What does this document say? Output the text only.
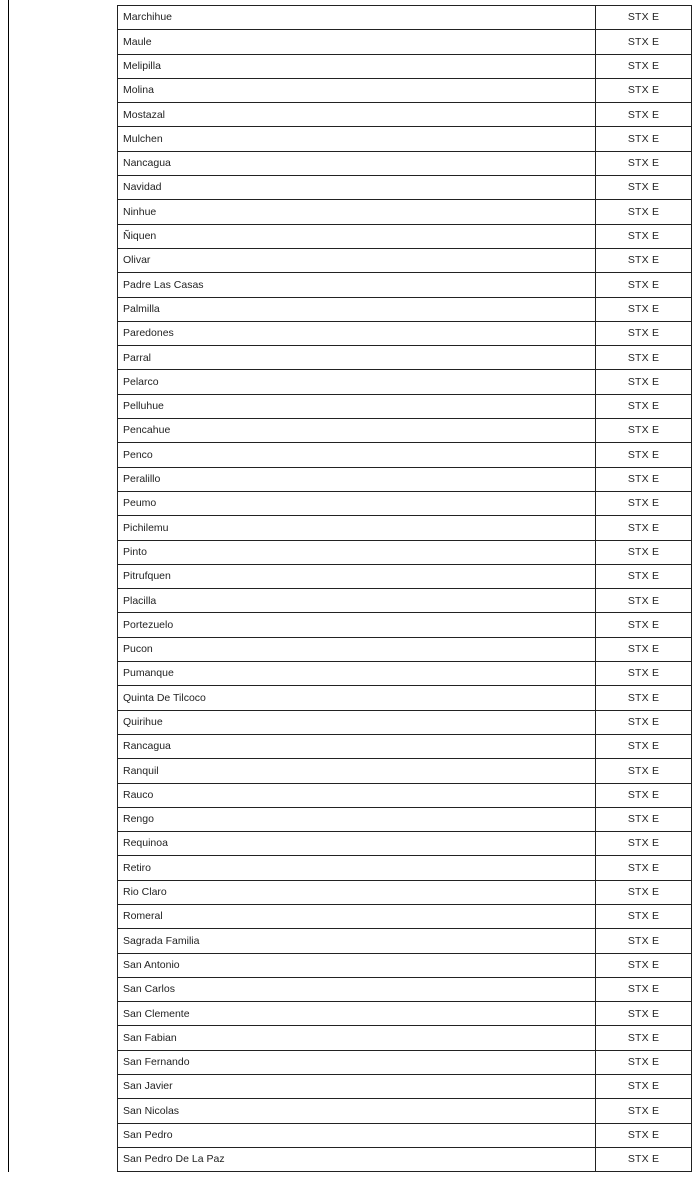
Marchihue	STX E
Maule	STX E
Melipilla	STX E
Molina	STX E
Mostazal	STX E
Mulchen	STX E
Nancagua	STX E
Navidad	STX E
Ninhue	STX E
Ñiquen	STX E
Olivar	STX E
Padre Las Casas	STX E
Palmilla	STX E
Paredones	STX E
Parral	STX E
Pelarco	STX E
Pelluhue	STX E
Pencahue	STX E
Penco	STX E
Peralillo	STX E
Peumo	STX E
Pichilemu	STX E
Pinto	STX E
Pitrufquen	STX E
Placilla	STX E
Portezuelo	STX E
Pucon	STX E
Pumanque	STX E
Quinta De Tilcoco	STX E
Quirihue	STX E
Rancagua	STX E
Ranquil	STX E
Rauco	STX E
Rengo	STX E
Requinoa	STX E
Retiro	STX E
Rio Claro	STX E
Romeral	STX E
Sagrada Familia	STX E
San Antonio	STX E
San Carlos	STX E
San Clemente	STX E
San Fabian	STX E
San Fernando	STX E
San Javier	STX E
San Nicolas	STX E
San Pedro	STX E
San Pedro De La Paz	STX E
